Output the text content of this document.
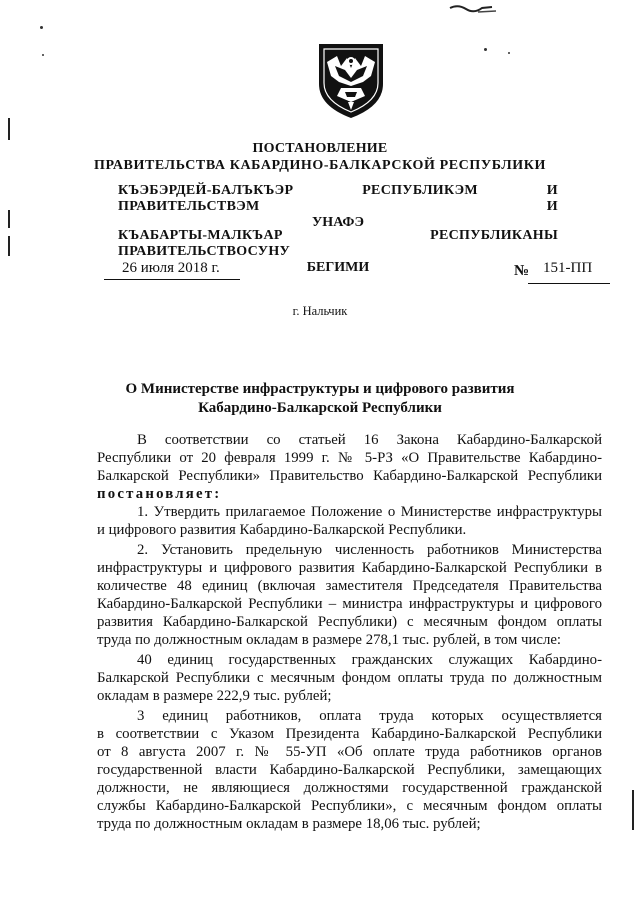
ПОСТАНОВЛЕНИЕ
ПРАВИТЕЛЬСТВА КАБАРДИНО-БАЛКАРСКОЙ РЕСПУБЛИКИ
КЪЭБЭРДЕЙ-БАЛЪКЪЭР РЕСПУБЛИКЭМ И ПРАВИТЕЛЬСТВЭМ И
УНАФЭ
КЪАБАРТЫ-МАЛКЪАР РЕСПУБЛИКАНЫ ПРАВИТЕЛЬСТВОСУНУ
БЕГИМИ
26 июля 2018 г.	№ 151-ПП
г. Нальчик
О Министерстве инфраструктуры и цифрового развития
Кабардино-Балкарской Республики

В соответствии со статьей 16 Закона Кабардино-Балкарской

Республики от 20 февраля 1999 г. № 5-РЗ «О Правительстве Кабардино-

Балкарской Республики» Правительство Кабардино-Балкарской Республики

постановляет:

1. Утвердить прилагаемое Положение о Министерстве инфраструктуры

и цифрового развития Кабардино-Балкарской Республики.

2. Установить предельную численность работников Министерства

инфраструктуры и цифрового развития Кабардино-Балкарской Республики в

количестве 48 единиц (включая заместителя Председателя Правительства

Кабардино-Балкарской Республики – министра инфраструктуры и цифрового

развития Кабардино-Балкарской Республики) с месячным фондом оплаты

труда по должностным окладам в размере 278,1 тыс. рублей, в том числе:

40 единиц государственных гражданских служащих Кабардино-

Балкарской Республики с месячным фондом оплаты труда по должностным

окладам в размере 222,9 тыс. рублей;

3 единиц работников, оплата труда которых осуществляется

в соответствии с Указом Президента Кабардино-Балкарской Республики

от 8 августа 2007 г. № 55-УП «Об оплате труда работников органов

государственной власти Кабардино-Балкарской Республики, замещающих

должности, не являющиеся должностями государственной гражданской

службы Кабардино-Балкарской Республики», с месячным фондом оплаты

труда по должностным окладам в размере 18,06 тыс. рублей;
